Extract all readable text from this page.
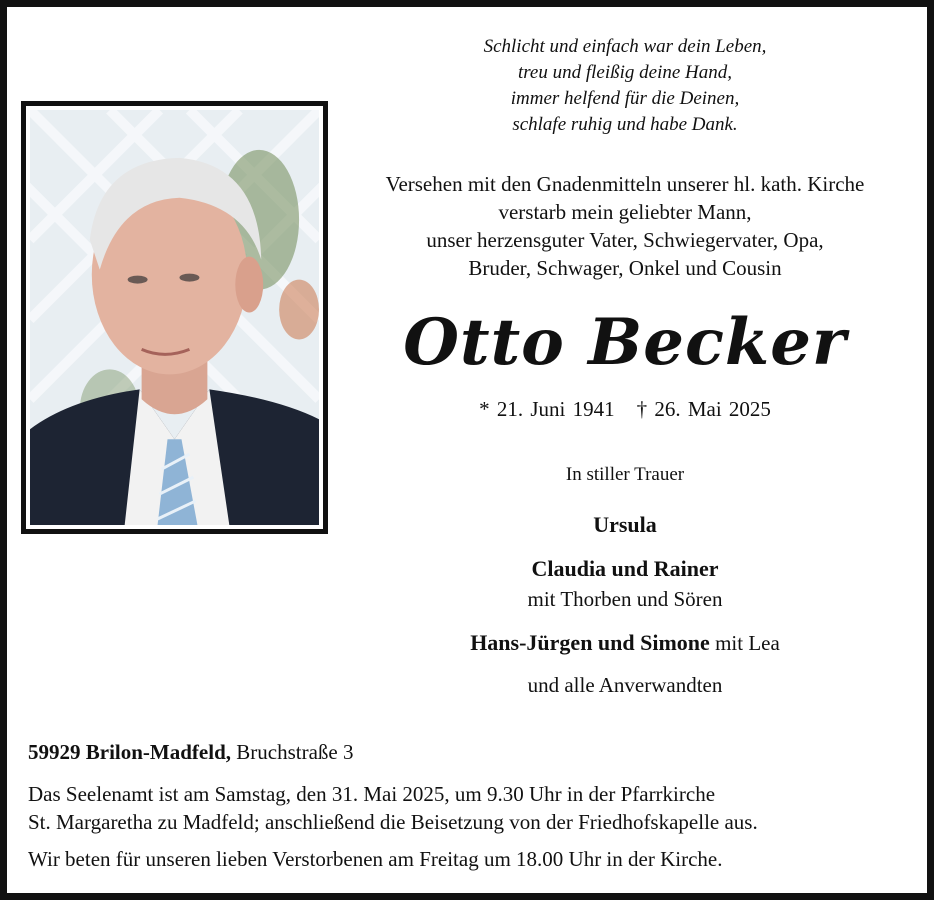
Schlicht und einfach war dein Leben,
treu und fleißig deine Hand,
immer helfend für die Deinen,
schlafe ruhig und habe Dank.
Versehen mit den Gnadenmitteln unserer hl. kath. Kirche
verstarb mein geliebter Mann,
unser herzensguter Vater, Schwiegervater, Opa,
Bruder, Schwager, Onkel und Cousin
Otto Becker
* 21. Juni 1941 † 26. Mai 2025
In stiller Trauer
Ursula
Claudia und Rainer
mit Thorben und Sören
Hans-Jürgen und Simone mit Lea
und alle Anverwandten
59929 Brilon-Madfeld, Bruchstraße 3
Das Seelenamt ist am Samstag, den 31. Mai 2025, um 9.30 Uhr in der Pfarrkirche
St. Margaretha zu Madfeld; anschließend die Beisetzung von der Friedhofskapelle aus.
Wir beten für unseren lieben Verstorbenen am Freitag um 18.00 Uhr in der Kirche.
